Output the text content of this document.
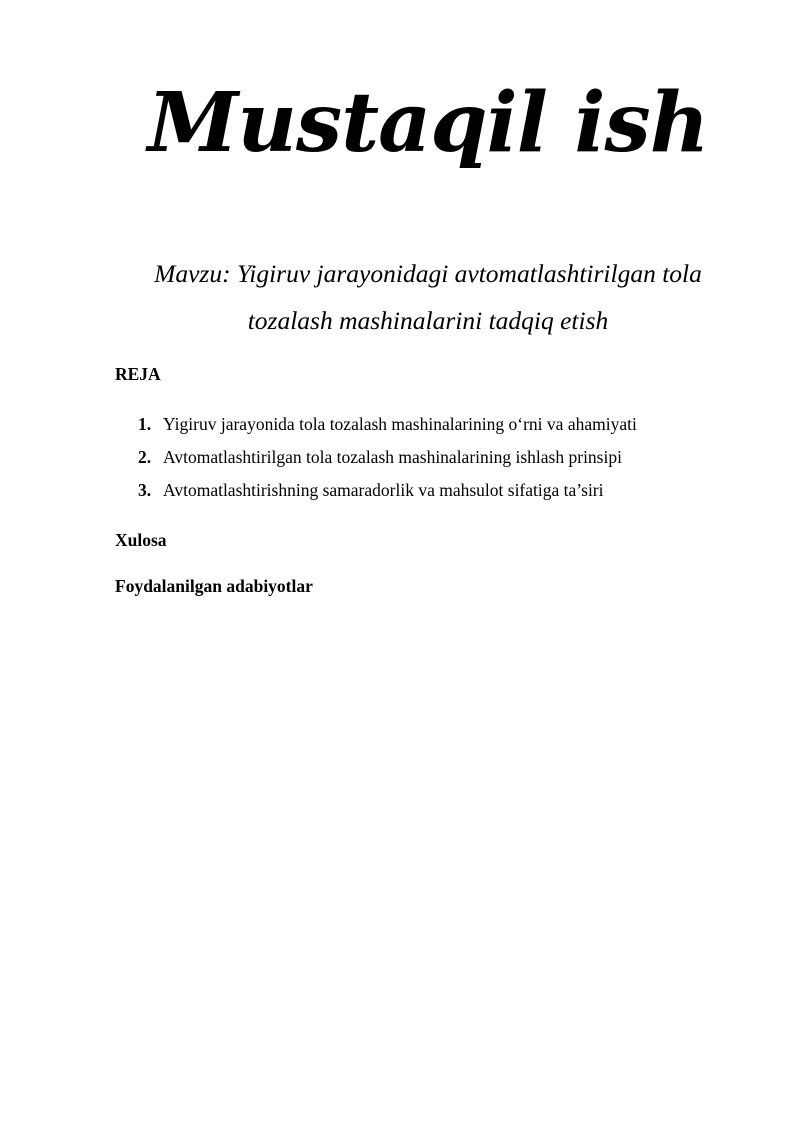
Mustaqil ish

Mavzu: Yigiruv jarayonidagi avtomatlashtirilgan tola tozalash mashinalarini tadqiq etish

REJA

1. Yigiruv jarayonida tola tozalash mashinalarining o‘rni va ahamiyati
2. Avtomatlashtirilgan tola tozalash mashinalarining ishlash prinsipi
3. Avtomatlashtirishning samaradorlik va mahsulot sifatiga ta’siri

Xulosa

Foydalanilgan adabiyotlar
